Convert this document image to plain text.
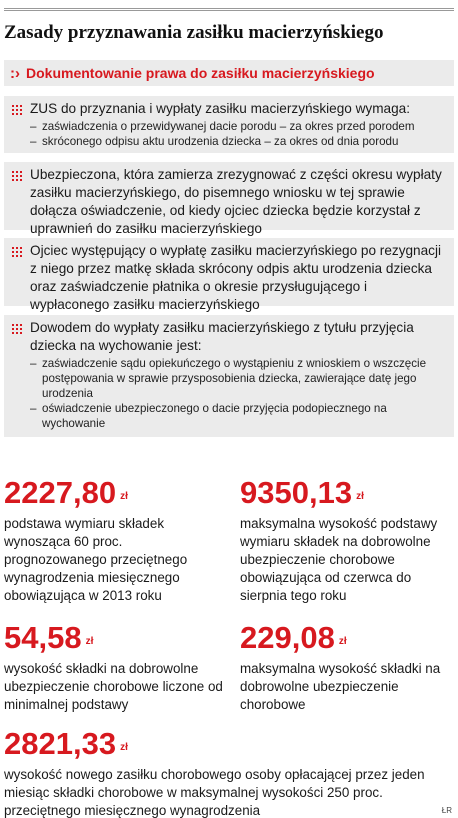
Zasady przyznawania zasiłku macierzyńskiego
:› Dokumentowanie prawa do zasiłku macierzyńskiego

ZUS do przyznania i wypłaty zasiłku macierzyńskiego wymaga:

– zaświadczenia o przewidywanej dacie porodu – za okres przed porodem
– skróconego odpisu aktu urodzenia dziecka – za okres od dnia porodu

Ubezpieczona, która zamierza zrezygnować z części okresu wypłaty zasiłku macierzyńskiego, do pisemnego wniosku w tej sprawie dołącza oświadczenie, od kiedy ojciec dziecka będzie korzystał z uprawnień do zasiłku macierzyńskiego

Ojciec występujący o wypłatę zasiłku macierzyńskiego po rezygnacji z niego przez matkę składa skrócony odpis aktu urodzenia dziecka oraz zaświadczenie płatnika o okresie przysługującego i wypłaconego zasiłku macierzyńskiego

Dowodem do wypłaty zasiłku macierzyńskiego z tytułu przyjęcia dziecka na wychowanie jest:

– zaświadczenie sądu opiekuńczego o wystąpieniu z wnioskiem o wszczęcie postępowania w sprawie przysposobienia dziecka, zawierające datę jego urodzenia
– oświadczenie ubezpieczonego o dacie przyjęcia podopiecznego na wychowanie
2227,80 zł
podstawa wymiaru składek wynosząca 60 proc. prognozowanego przeciętnego wynagrodzenia miesięcznego obowiązująca w 2013 roku
9350,13 zł
maksymalna wysokość podstawy wymiaru składek na dobrowolne ubezpieczenie chorobowe obowiązująca od czerwca do sierpnia tego roku
54,58 zł
wysokość składki na dobrowolne ubezpieczenie chorobowe liczone od minimalnej podstawy
229,08 zł
maksymalna wysokość składki na dobrowolne ubezpieczenie chorobowe
2821,33 zł
wysokość nowego zasiłku chorobowego osoby opłacającej przez jeden miesiąc składki chorobowe w maksymalnej wysokości 250 proc. przeciętnego miesięcznego wynagrodzenia	ŁR
